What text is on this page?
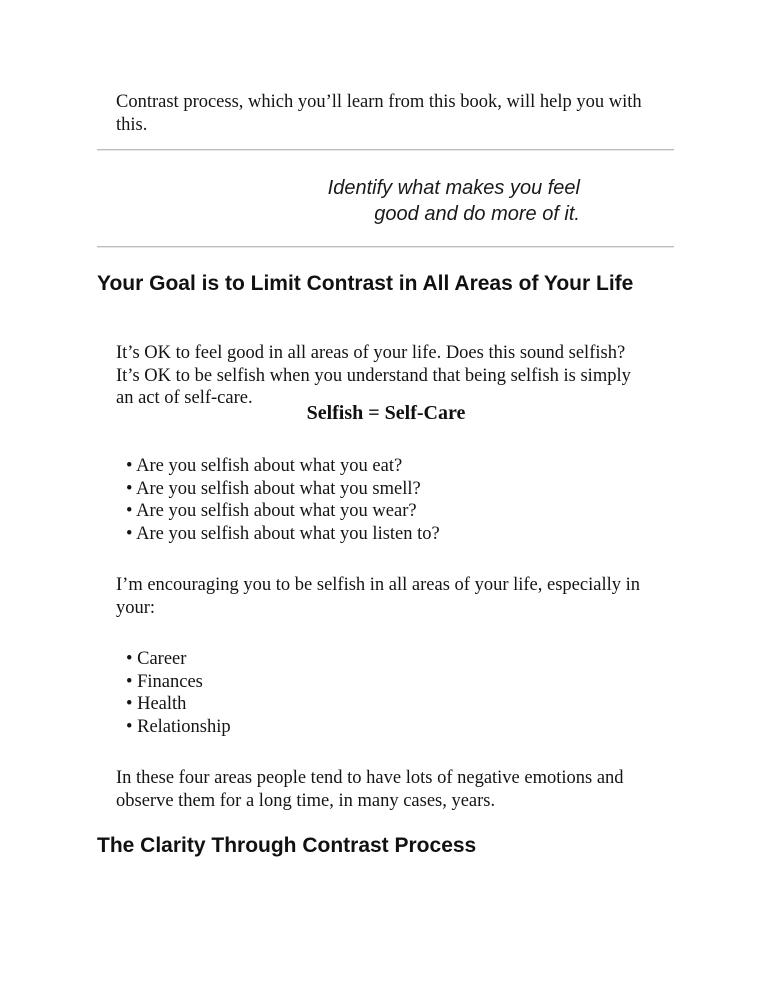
Contrast process, which you’ll learn from this book, will help you with
this.

Identify what makes you feel
good and do more of it.
Your Goal is to Limit Contrast in All Areas of Your Life

It’s OK to feel good in all areas of your life. Does this sound selfish?
It’s OK to be selfish when you understand that being selfish is simply
an act of self-care.

Selfish = Self-Care
• Are you selfish about what you eat?
• Are you selfish about what you smell?
• Are you selfish about what you wear?
• Are you selfish about what you listen to?

I’m encouraging you to be selfish in all areas of your life, especially in
your:

• Career
• Finances
• Health
• Relationship

In these four areas people tend to have lots of negative emotions and
observe them for a long time, in many cases, years.

The Clarity Through Contrast Process
